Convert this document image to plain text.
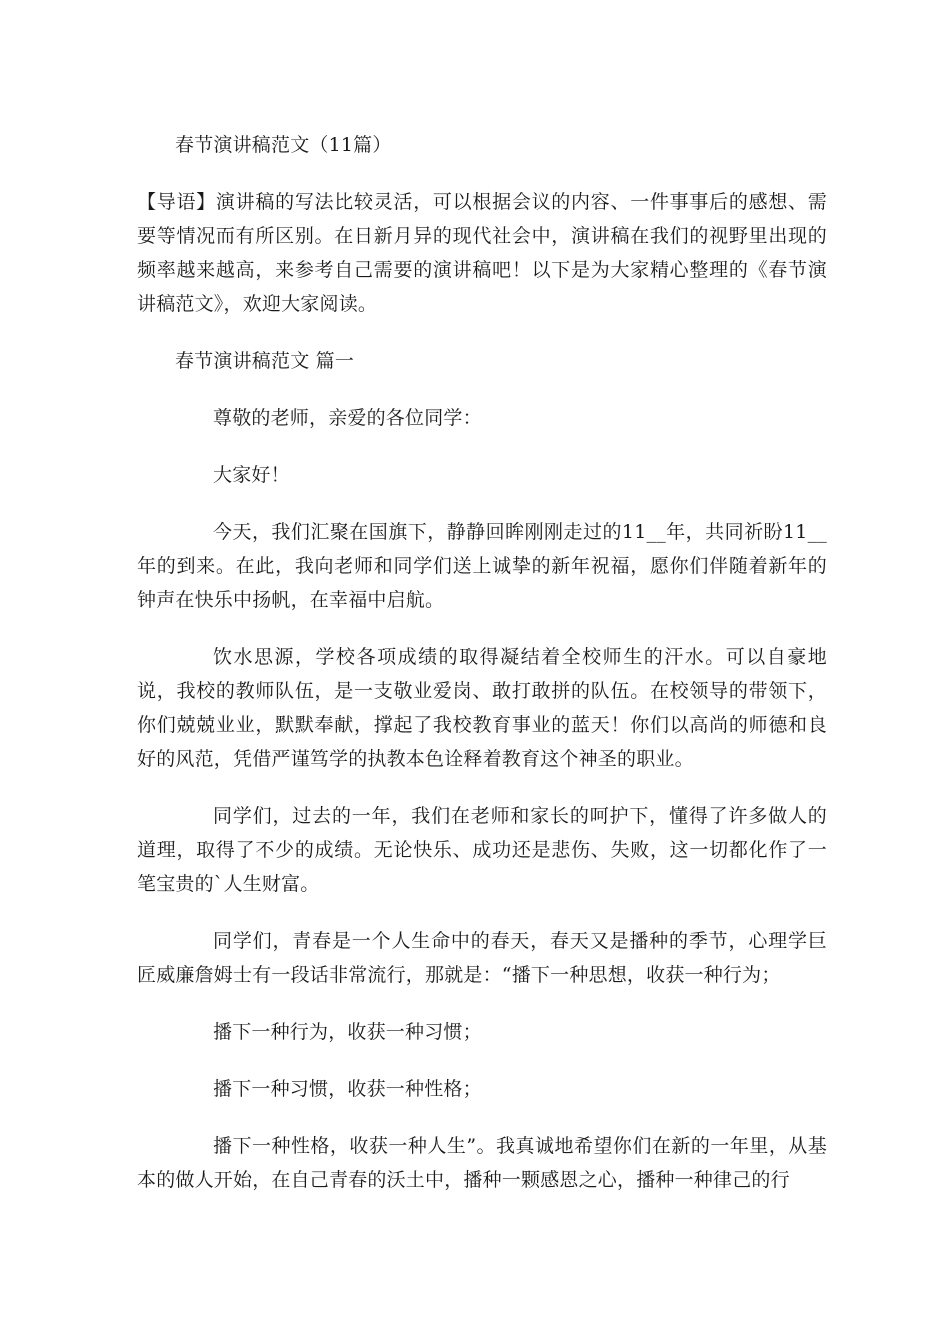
春节演讲稿范文（11篇）

【导语】演讲稿的写法比较灵活，可以根据会议的内容、一件事事后的感想、需要等情况而有所区别。在日新月异的现代社会中，演讲稿在我们的视野里出现的频率越来越高，来参考自己需要的演讲稿吧！以下是为大家精心整理的《春节演讲稿范文》，欢迎大家阅读。

春节演讲稿范文 篇一

尊敬的老师，亲爱的各位同学：

大家好！

今天，我们汇聚在国旗下，静静回眸刚刚走过的11__年，共同祈盼11__年的到来。在此，我向老师和同学们送上诚挚的新年祝福，愿你们伴随着新年的钟声在快乐中扬帆，在幸福中启航。

饮水思源，学校各项成绩的取得凝结着全校师生的汗水。可以自豪地说，我校的教师队伍，是一支敬业爱岗、敢打敢拼的队伍。在校领导的带领下，你们兢兢业业，默默奉献，撑起了我校教育事业的蓝天！你们以高尚的师德和良好的风范，凭借严谨笃学的执教本色诠释着教育这个神圣的职业。

同学们，过去的一年，我们在老师和家长的呵护下，懂得了许多做人的道理，取得了不少的成绩。无论快乐、成功还是悲伤、失败，这一切都化作了一笔宝贵的`人生财富。

同学们，青春是一个人生命中的春天，春天又是播种的季节，心理学巨匠威廉詹姆士有一段话非常流行，那就是：“播下一种思想，收获一种行为；

播下一种行为，收获一种习惯；

播下一种习惯，收获一种性格；

播下一种性格，收获一种人生”。我真诚地希望你们在新的一年里，从基本的做人开始，在自己青春的沃土中，播种一颗感恩之心，播种一种律己的行
